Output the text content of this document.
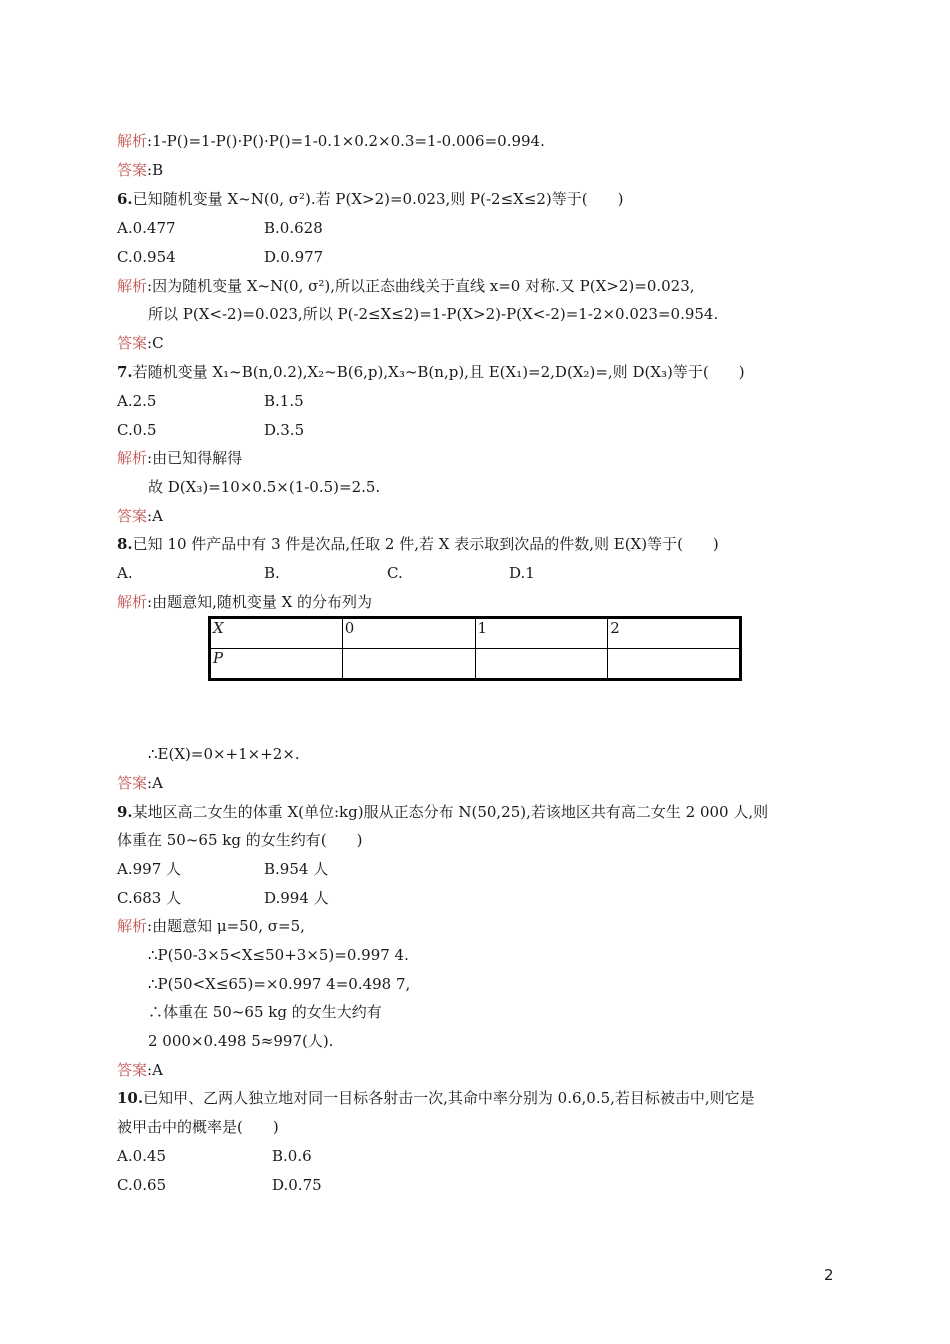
解析:1-P()=1-P()·P()·P()=1-0.1×0.2×0.3=1-0.006=0.994.
答案:B
6.已知随机变量 X~N(0, σ²).若 P(X>2)=0.023,则 P(-2≤X≤2)等于(　　)
A.0.477	B.0.628
C.0.954	D.0.977
解析:因为随机变量 X~N(0, σ²),所以正态曲线关于直线 x=0 对称.又 P(X>2)=0.023,
所以 P(X<-2)=0.023,所以 P(-2≤X≤2)=1-P(X>2)-P(X<-2)=1-2×0.023=0.954.
答案:C
7.若随机变量 X₁~B(n,0.2),X₂~B(6,p),X₃~B(n,p),且 E(X₁)=2,D(X₂)=,则 D(X₃)等于(　　)
A.2.5	B.1.5
C.0.5	D.3.5
解析:由已知得解得
故 D(X₃)=10×0.5×(1-0.5)=2.5.
答案:A
8.已知 10 件产品中有 3 件是次品,任取 2 件,若 X 表示取到次品的件数,则 E(X)等于(　　)
A.	B.	C.	D.1
解析:由题意知,随机变量 X 的分布列为
X	0	1	2
P			
∴E(X)=0×+1×+2×.
答案:A
9.某地区高二女生的体重 X(单位:kg)服从正态分布 N(50,25),若该地区共有高二女生 2 000 人,则
体重在 50~65 kg 的女生约有(　　)
A.997 人	B.954 人
C.683 人	D.994 人
解析:由题意知 μ=50, σ=5,
∴P(50-3×5<X≤50+3×5)=0.997 4.
∴P(50<X≤65)=×0.997 4=0.498 7,
∴体重在 50~65 kg 的女生大约有
2 000×0.498 5≈997(人).
答案:A
10.已知甲、乙两人独立地对同一目标各射击一次,其命中率分别为 0.6,0.5,若目标被击中,则它是
被甲击中的概率是(　　)
A.0.45	B.0.6
C.0.65	D.0.75
2
